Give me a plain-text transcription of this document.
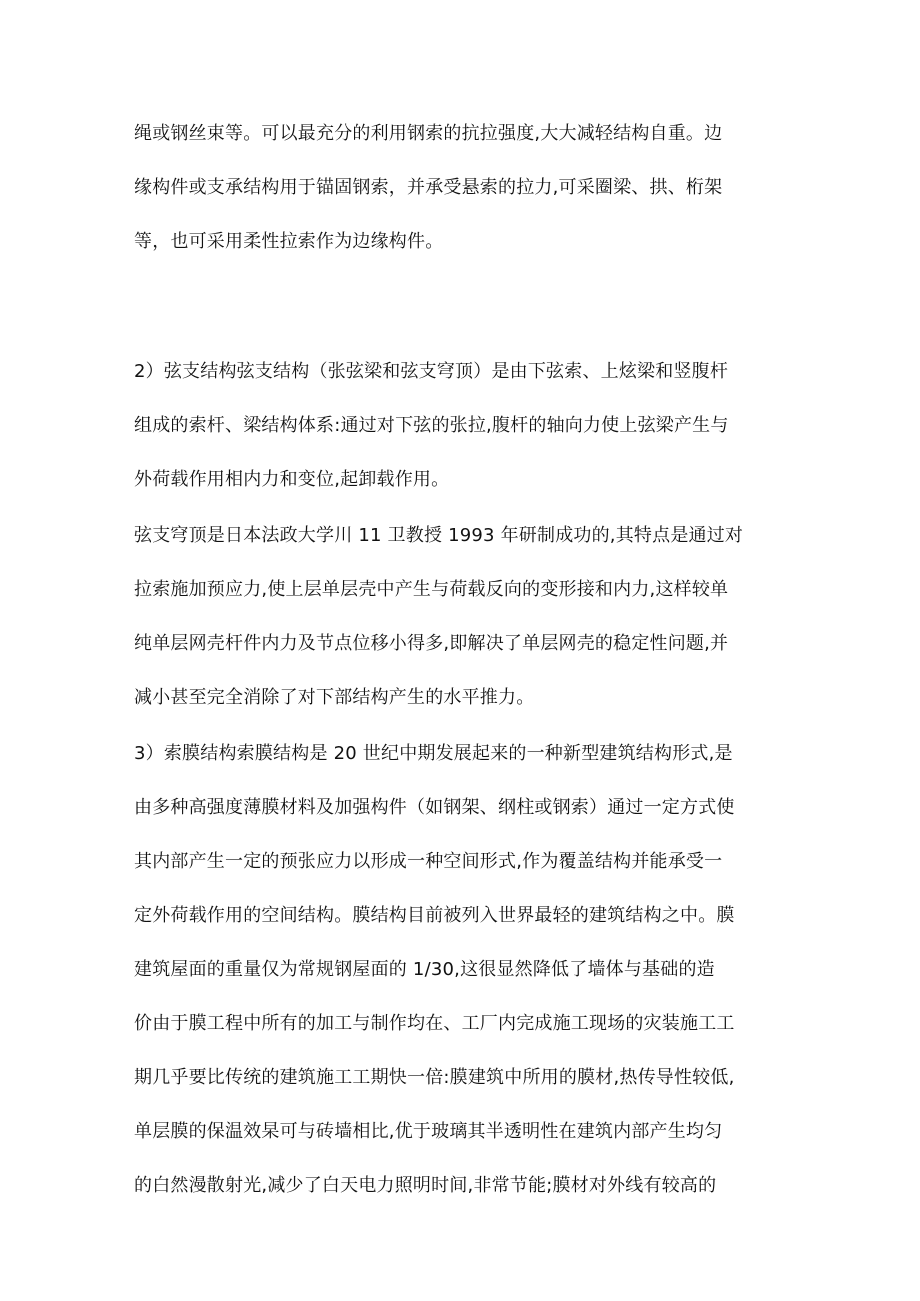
绳或钢丝束等。可以最充分的利用钢索的抗拉强度,大大减轻结构自重。边
缘构件或支承结构用于锚固钢索，并承受悬索的拉力,可采圈梁、拱、桁架
等，也可采用柔性拉索作为边缘构件。

2）弦支结构弦支结构（张弦梁和弦支穹顶）是由下弦索、上炫梁和竖腹杆
组成的索杆、梁结构体系:通过对下弦的张拉,腹杆的轴向力使上弦梁产生与
外荷载作用相内力和变位,起卸载作用。

弦支穹顶是日本法政大学川 11 卫教授 1993 年研制成功的,其特点是通过对
拉索施加预应力,使上层单层壳中产生与荷载反向的变形接和内力,这样较单
纯单层网壳杆件内力及节点位移小得多,即解决了单层网壳的稳定性问题,并
减小甚至完全消除了对下部结构产生的水平推力。

3）索膜结构索膜结构是 20 世纪中期发展起来的一种新型建筑结构形式,是
由多种高强度薄膜材料及加强构件（如钢架、纲柱或钢索）通过一定方式使
其内部产生一定的预张应力以形成一种空间形式,作为覆盖结构并能承受一
定外荷载作用的空间结构。膜结构目前被列入世界最轻的建筑结构之中。膜
建筑屋面的重量仅为常规钢屋面的 1/30,这很显然降低了墙体与基础的造
价由于膜工程中所有的加工与制作均在、工厂内完成施工现场的灾装施工工
期几乎要比传统的建筑施工工期快一倍:膜建筑中所用的膜材,热传导性较低,
单层膜的保温效杲可与砖墙相比,优于玻璃其半透明性在建筑内部产生均匀
的白然漫散射光,减少了白天电力照明时间,非常节能;膜材对外线有较高的
